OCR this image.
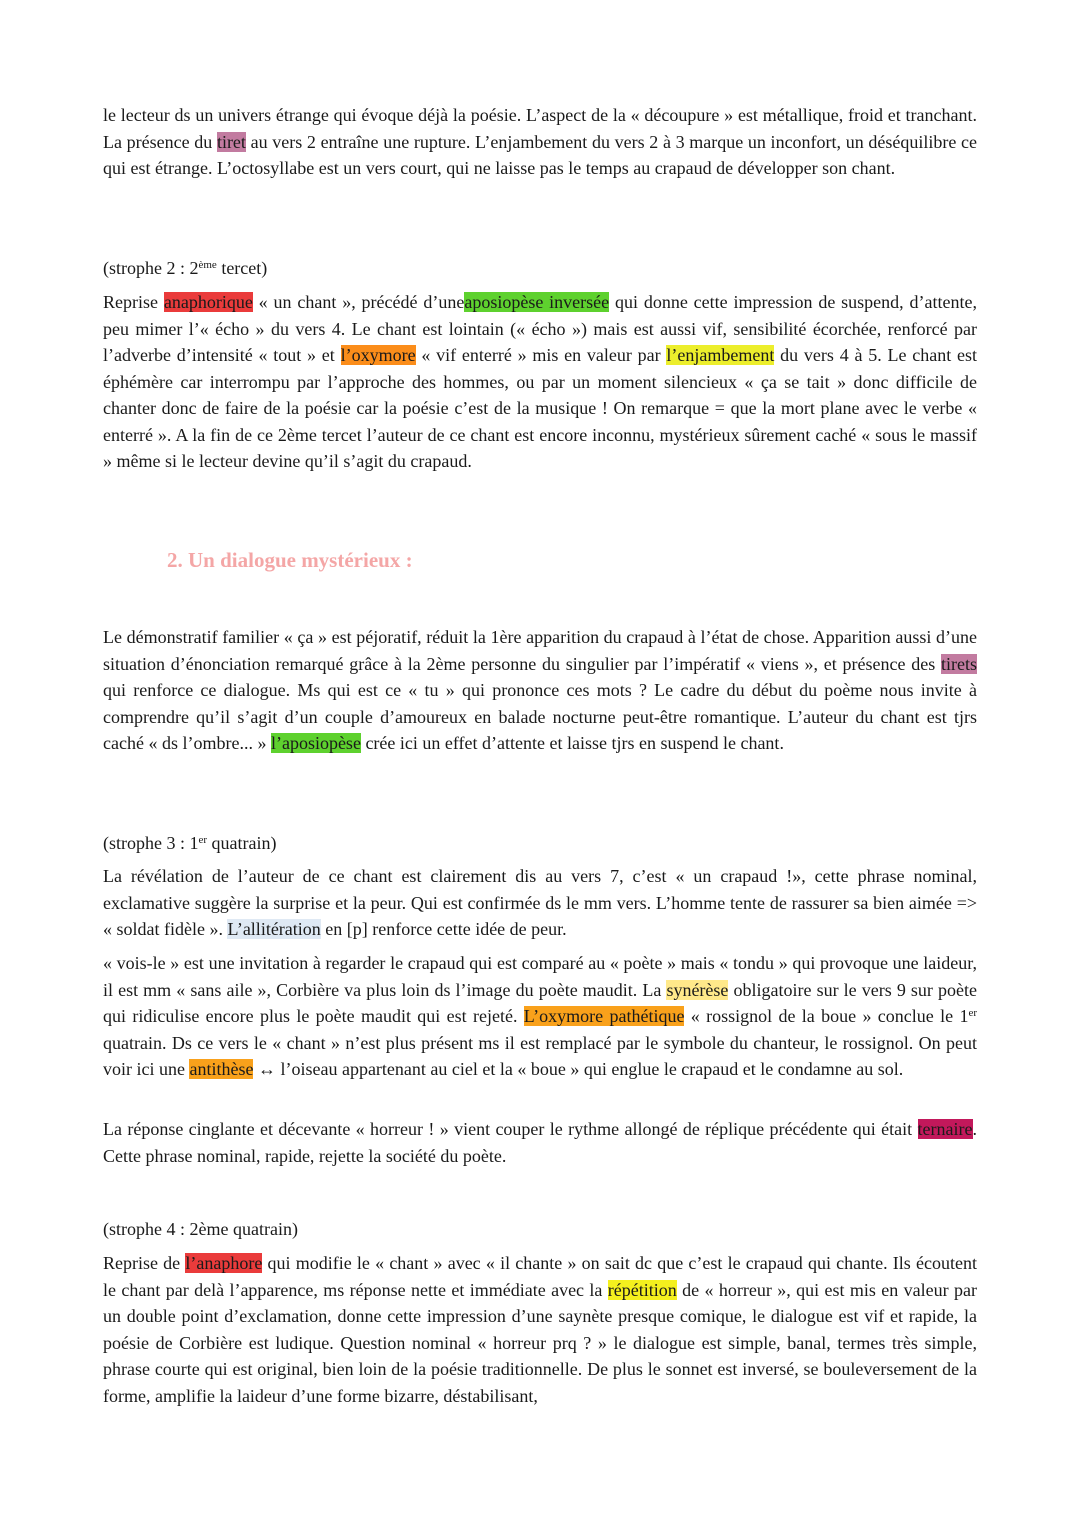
le lecteur ds un univers étrange qui évoque déjà la poésie. L’aspect de la « découpure » est métallique, froid et tranchant. La présence du tiret au vers 2 entraîne une rupture. L’enjambement du vers 2 à 3 marque un inconfort, un déséquilibre ce qui est étrange. L’octosyllabe est un vers court, qui ne laisse pas le temps au crapaud de développer son chant.

(strophe 2 : 2ème tercet)

Reprise anaphorique « un chant », précédé d’uneaposiopèse inversée qui donne cette impression de suspend, d’attente, peu mimer l’« écho » du vers 4. Le chant est lointain (« écho ») mais est aussi vif, sensibilité écorchée, renforcé par l’adverbe d’intensité « tout » et l’oxymore « vif enterré » mis en valeur par l’enjambement du vers 4 à 5. Le chant est éphémère car interrompu par l’approche des hommes, ou par un moment silencieux « ça se tait » donc difficile de chanter donc de faire de la poésie car la poésie c’est de la musique ! On remarque = que la mort plane avec le verbe « enterré ». A la fin de ce 2ème tercet l’auteur de ce chant est encore inconnu, mystérieux sûrement caché « sous le massif » même si le lecteur devine qu’il s’agit du crapaud.

2. Un dialogue mystérieux :

Le démonstratif familier « ça » est péjoratif, réduit la 1ère apparition du crapaud à l’état de chose. Apparition aussi d’une situation d’énonciation remarqué grâce à la 2ème personne du singulier par l’impératif « viens », et présence des tirets qui renforce ce dialogue. Ms qui est ce « tu » qui prononce ces mots ? Le cadre du début du poème nous invite à comprendre qu’il s’agit d’un couple d’amoureux en balade nocturne peut-être romantique. L’auteur du chant est tjrs caché « ds l’ombre... » l’aposiopèse crée ici un effet d’attente et laisse tjrs en suspend le chant.

(strophe 3 : 1er quatrain)

La révélation de l’auteur de ce chant est clairement dis au vers 7, c’est « un crapaud !», cette phrase nominal, exclamative suggère la surprise et la peur. Qui est confirmée ds le mm vers. L’homme tente de rassurer sa bien aimée => « soldat fidèle ». L’allitération en [p] renforce cette idée de peur.

« vois-le » est une invitation à regarder le crapaud qui est comparé au « poète » mais « tondu » qui provoque une laideur, il est mm « sans aile », Corbière va plus loin ds l’image du poète maudit. La synérèse obligatoire sur le vers 9 sur poète qui ridiculise encore plus le poète maudit qui est rejeté. L’oxymore pathétique « rossignol de la boue » conclue le 1er quatrain. Ds ce vers le « chant » n’est plus présent ms il est remplacé par le symbole du chanteur, le rossignol. On peut voir ici une antithèse ↔ l’oiseau appartenant au ciel et la « boue » qui englue le crapaud et le condamne au sol.

La réponse cinglante et décevante « horreur ! » vient couper le rythme allongé de réplique précédente qui était ternaire. Cette phrase nominal, rapide, rejette la société du poète.

(strophe 4 : 2ème quatrain)

Reprise de l’anaphore qui modifie le « chant » avec « il chante » on sait dc que c’est le crapaud qui chante. Ils écoutent le chant par delà l’apparence, ms réponse nette et immédiate avec la répétition de « horreur », qui est mis en valeur par un double point d’exclamation, donne cette impression d’une saynète presque comique, le dialogue est vif et rapide, la poésie de Corbière est ludique. Question nominal « horreur prq ? » le dialogue est simple, banal, termes très simple, phrase courte qui est original, bien loin de la poésie traditionnelle. De plus le sonnet est inversé, se bouleversement de la forme, amplifie la laideur d’une forme bizarre, déstabilisant,
